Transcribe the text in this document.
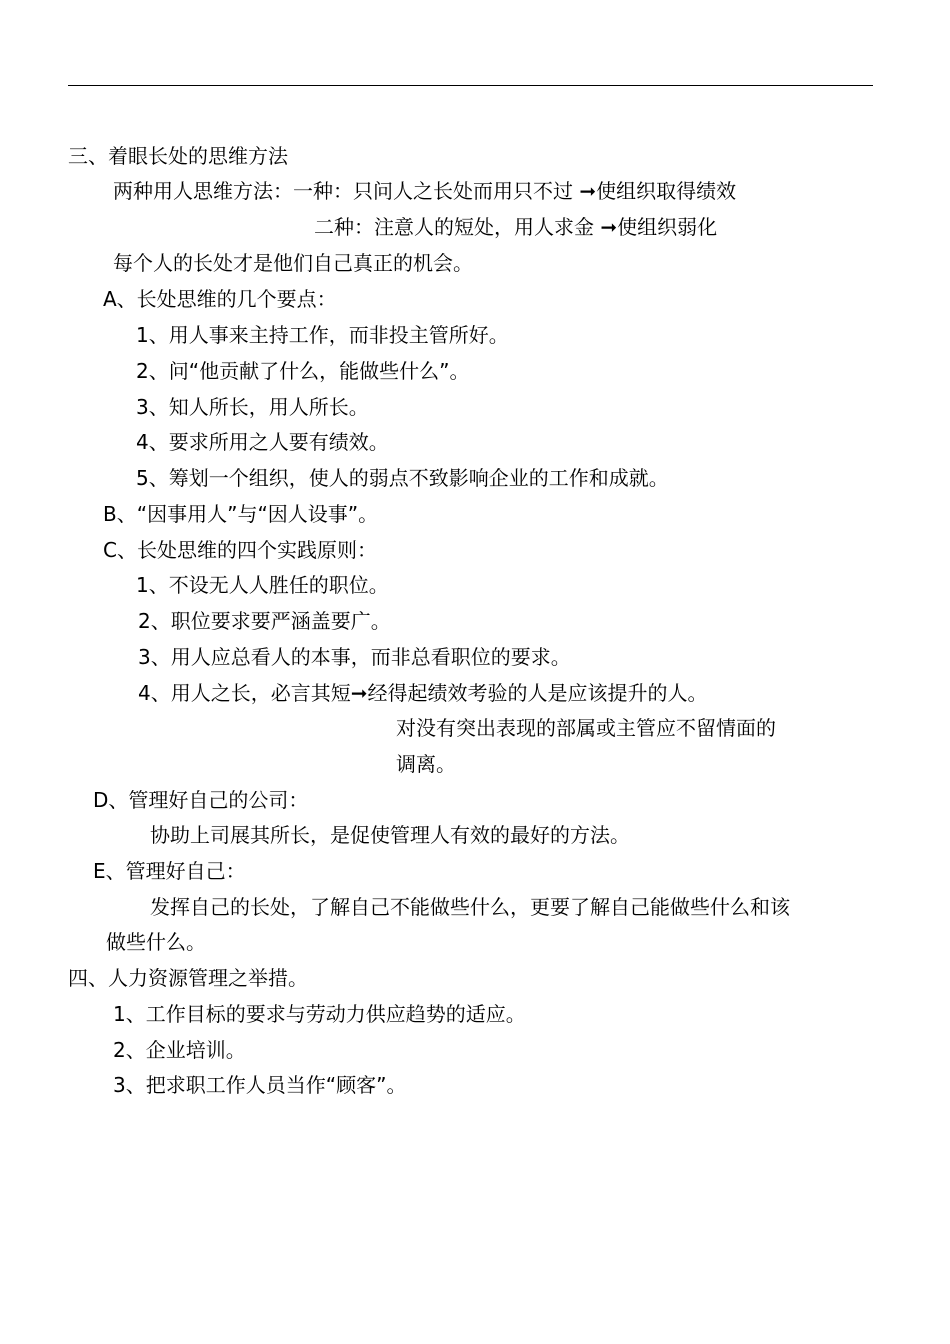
三、着眼长处的思维方法
两种用人思维方法：一种：只问人之长处而用只不过 ➞使组织取得绩效
二种：注意人的短处，用人求金 ➞使组织弱化
每个人的长处才是他们自己真正的机会。
A、长处思维的几个要点：
1、用人事来主持工作，而非投主管所好。
2、问“他贡献了什么，能做些什么”。
3、知人所长，用人所长。
4、要求所用之人要有绩效。
5、筹划一个组织，使人的弱点不致影响企业的工作和成就。
B、“因事用人”与“因人设事”。
C、长处思维的四个实践原则：
1、不设无人人胜任的职位。
2、职位要求要严涵盖要广。
3、用人应总看人的本事，而非总看职位的要求。
4、用人之长，必言其短➞经得起绩效考验的人是应该提升的人。
对没有突出表现的部属或主管应不留情面的
调离。
D、管理好自己的公司：
协助上司展其所长，是促使管理人有效的最好的方法。
E、管理好自己：
发挥自己的长处，了解自己不能做些什么，更要了解自己能做些什么和该
做些什么。
四、人力资源管理之举措。
1、工作目标的要求与劳动力供应趋势的适应。
2、企业培训。
3、把求职工作人员当作“顾客”。
